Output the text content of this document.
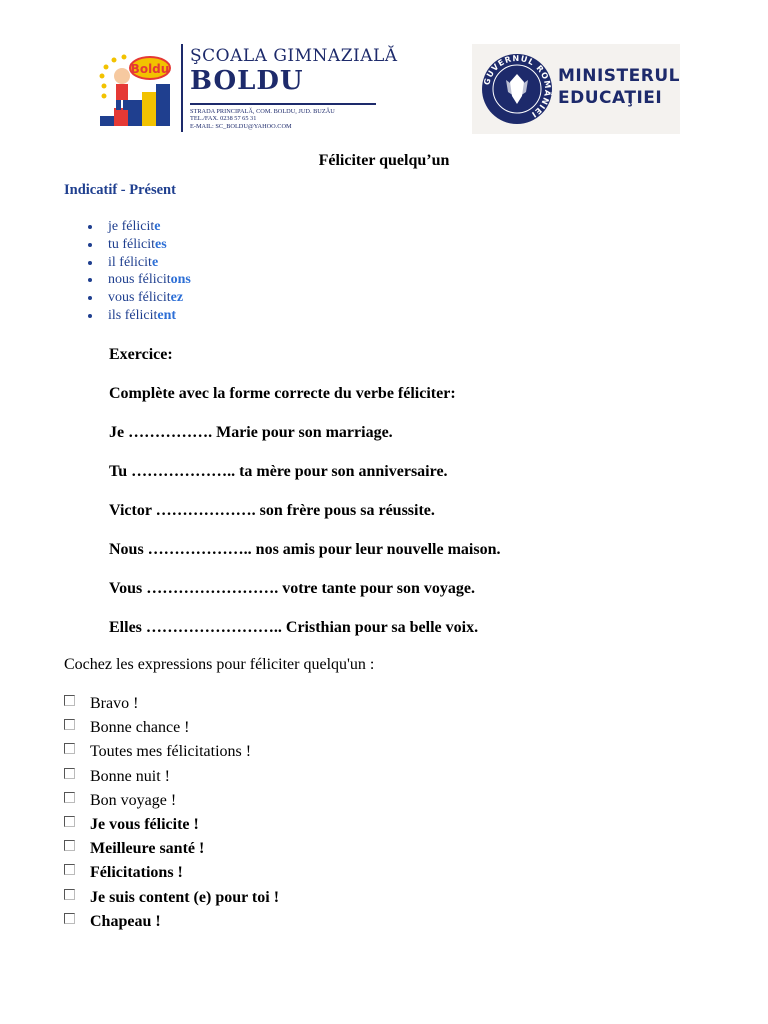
Boldu
ŞCOALA GIMNAZIALĂ
BOLDU
STRADA PRINCIPALĂ, COM. BOLDU, JUD. BUZĂU
TEL./FAX. 0238 57 65 31
E-MAIL: SC_BOLDU@YAHOO.COM
GUVERNUL ROMÂNIEI
MINISTERUL
EDUCAŢIEI
Féliciter quelqu’un
Indicatif - Présent
je félicite
tu félicites
il félicite
nous félicitons
vous félicitez
ils félicitent
Exercice:
Complète avec la forme correcte du verbe féliciter:
Je ……………. Marie pour son marriage.
Tu ……………….. ta mère pour son anniversaire.
Victor ………………. son frère pous sa réussite.
Nous ……………….. nos amis pour leur nouvelle maison.
Vous ……………………. votre tante pour son voyage.
Elles …………………….. Cristhian pour sa belle voix.
Cochez les expressions pour féliciter quelqu'un :
Bravo !
Bonne chance !
Toutes mes félicitations !
Bonne nuit !
Bon voyage !
Je vous félicite !
Meilleure santé !
Félicitations !
Je suis content (e) pour toi !
Chapeau !
